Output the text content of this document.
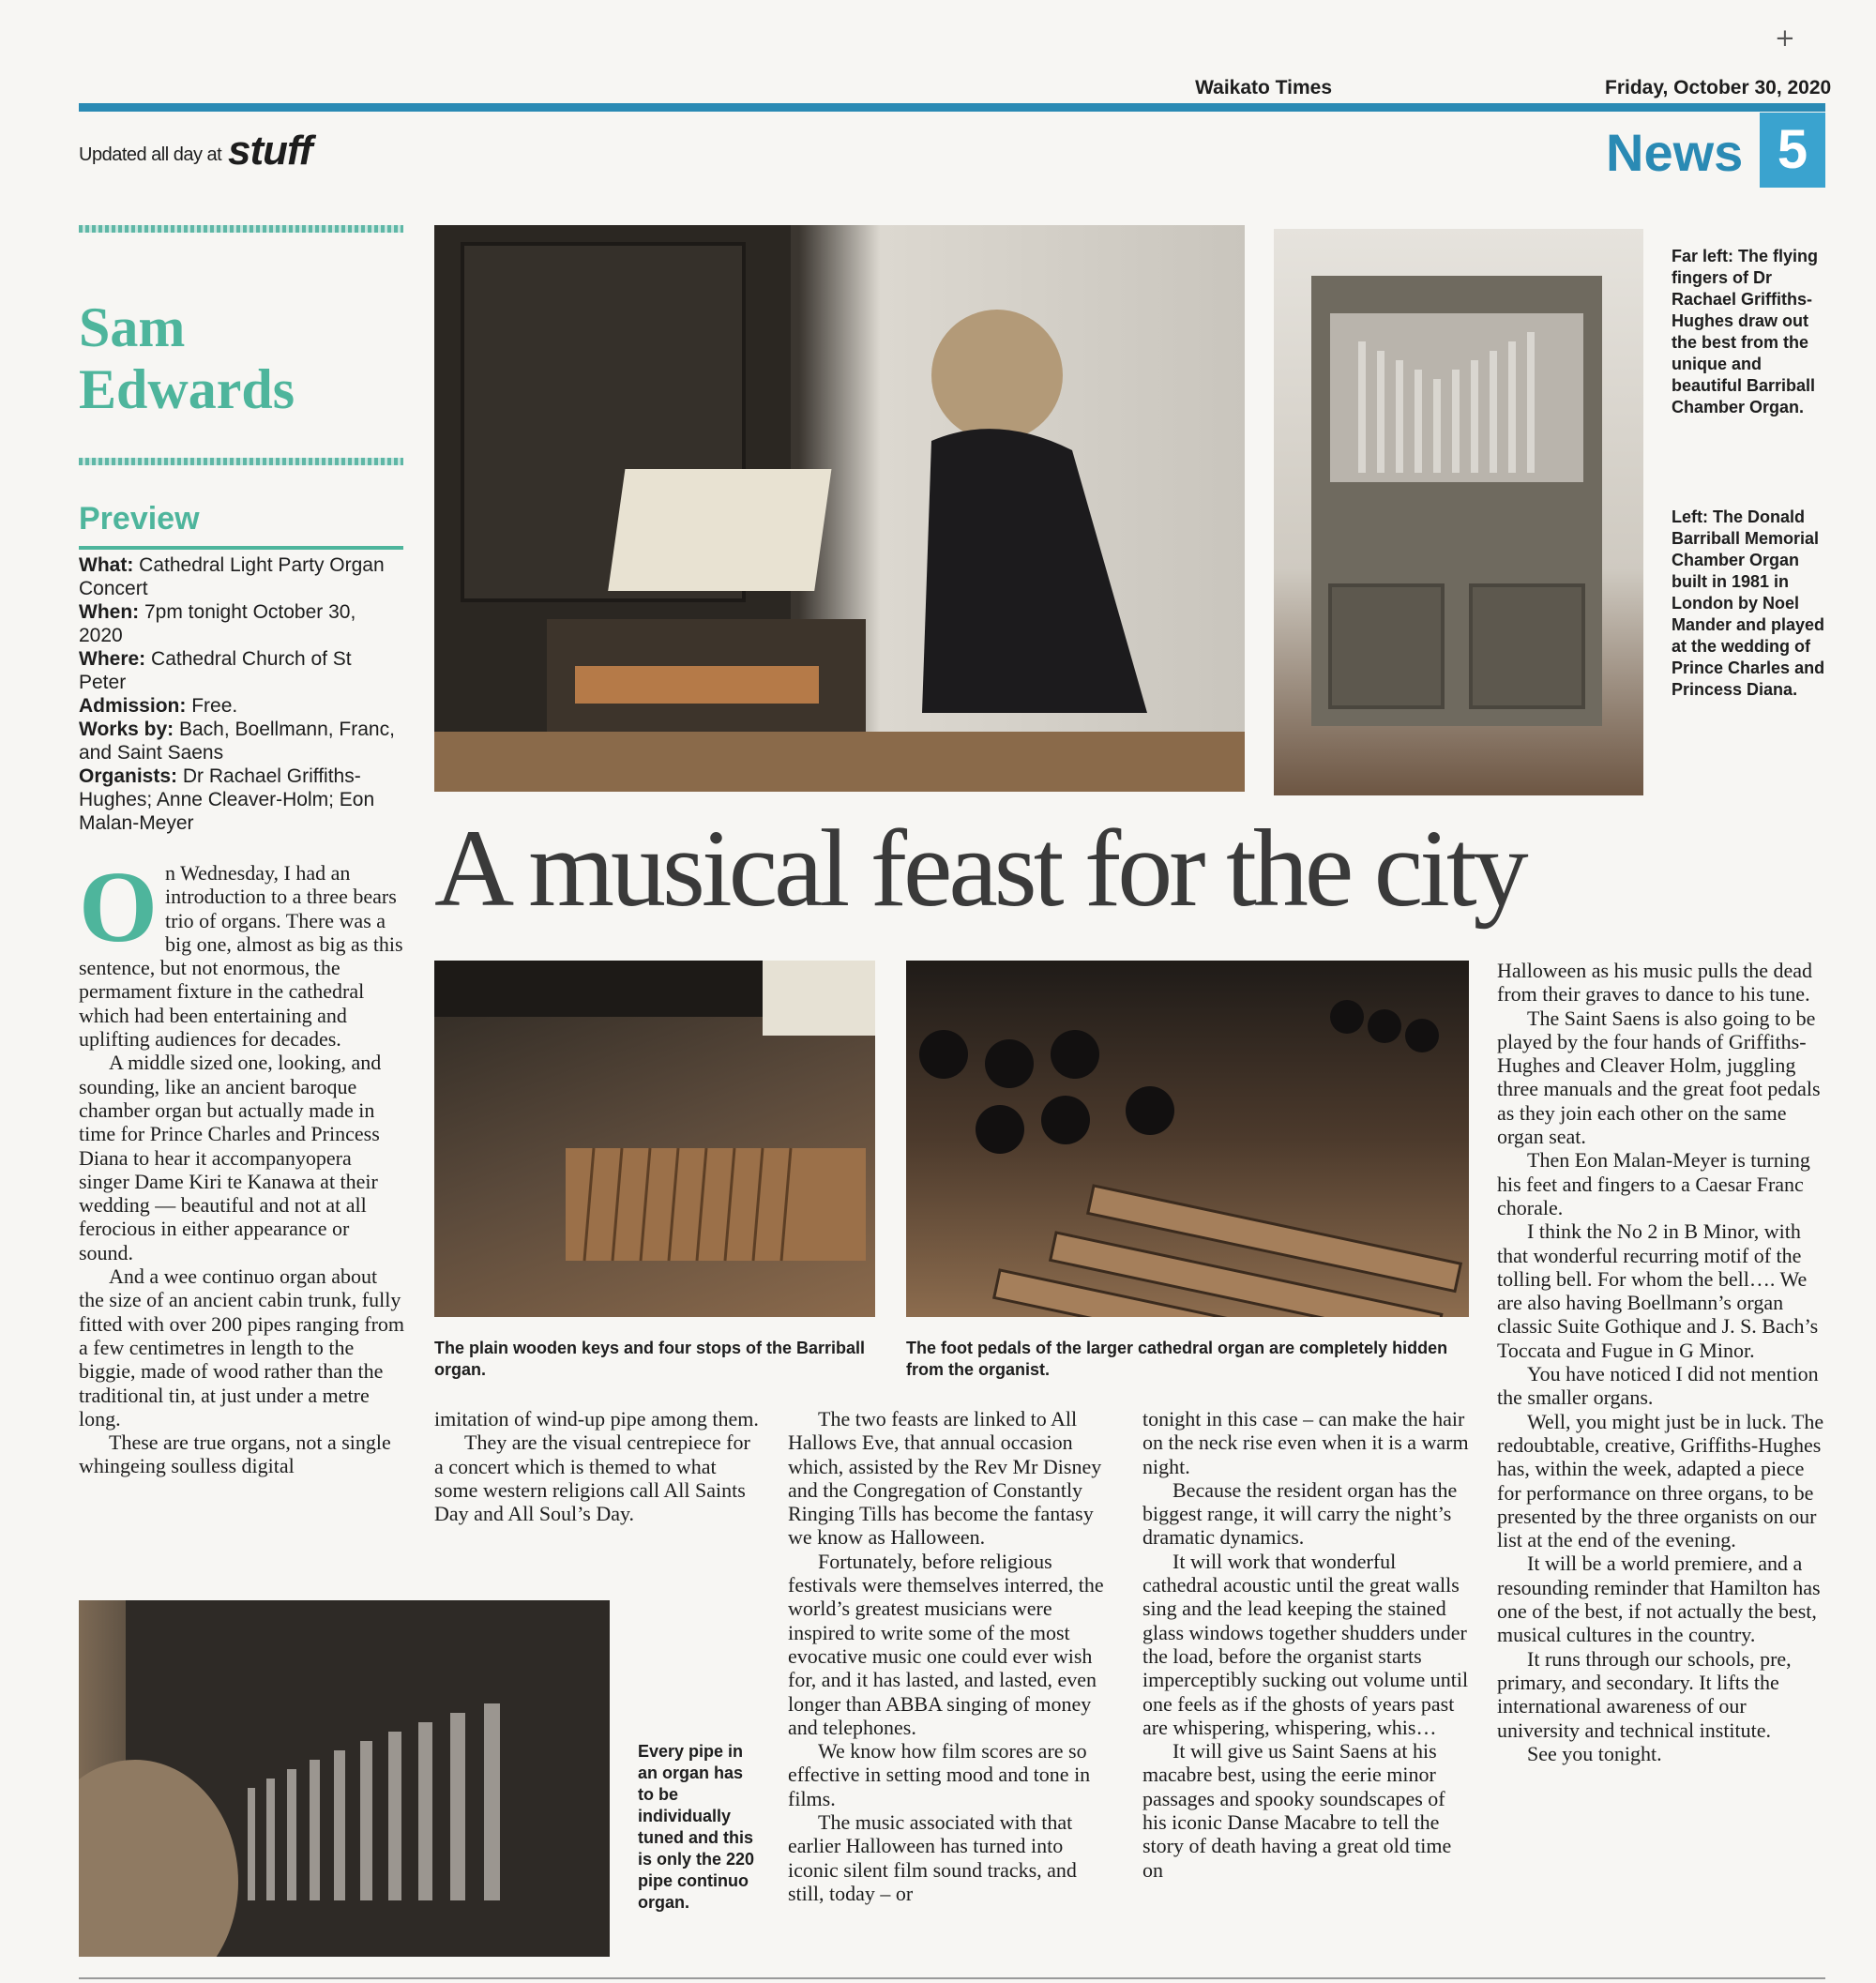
+
Waikato Times	Friday, October 30, 2020
Updated all day at stuff	News 5
Sam Edwards
Preview
What: Cathedral Light Party Organ Concert
When: 7pm tonight October 30, 2020
Where: Cathedral Church of St Peter
Admission: Free.
Works by: Bach, Boellmann, Franc, and Saint Saens
Organists: Dr Rachael Griffiths-Hughes; Anne Cleaver-Holm; Eon Malan-Meyer
O n Wednesday, I had an introduction to a three bears trio of organs. There was a big one, almost as big as this sentence, but not enormous, the permament fixture in the cathedral which had been entertaining and uplifting audiences for decades.

A middle sized one, looking, and sounding, like an ancient baroque chamber organ but actually made in time for Prince Charles and Princess Diana to hear it accompanyopera singer Dame Kiri te Kanawa at their wedding — beautiful and not at all ferocious in either appearance or sound.

And a wee continuo organ about the size of an ancient cabin trunk, fully fitted with over 200 pipes ranging from a few centimetres in length to the biggie, made of wood rather than the traditional tin, at just under a metre long.

These are true organs, not a single whingeing soulless digital

A musical feast for the city
Far left: The flying fingers of Dr Rachael Griffiths-Hughes draw out the best from the unique and beautiful Barriball Chamber Organ.
Left: The Donald Barriball Memorial Chamber Organ built in 1981 in London by Noel Mander and played at the wedding of Prince Charles and Princess Diana.
The plain wooden keys and four stops of the Barriball organ.
The foot pedals of the larger cathedral organ are completely hidden from the organist.

imitation of wind-up pipe among them.

They are the visual centrepiece for a concert which is themed to what some western religions call All Saints Day and All Soul’s Day.

The two feasts are linked to All Hallows Eve, that annual occasion which, assisted by the Rev Mr Disney and the Congregation of Constantly Ringing Tills has become the fantasy we know as Halloween.

Fortunately, before religious festivals were themselves interred, the world’s greatest musicians were inspired to write some of the most evocative music one could ever wish for, and it has lasted, and lasted, even longer than ABBA singing of money and telephones.

We know how film scores are so effective in setting mood and tone in films.

The music associated with that earlier Halloween has turned into iconic silent film sound tracks, and still, today – or

tonight in this case – can make the hair on the neck rise even when it is a warm night.

Because the resident organ has the biggest range, it will carry the night’s dramatic dynamics.

It will work that wonderful cathedral acoustic until the great walls sing and the lead keeping the stained glass windows together shudders under the load, before the organist starts imperceptibly sucking out volume until one feels as if the ghosts of years past are whispering, whispering, whis…

It will give us Saint Saens at his macabre best, using the eerie minor passages and spooky soundscapes of his iconic Danse Macabre to tell the story of death having a great old time on

Halloween as his music pulls the dead from their graves to dance to his tune.

The Saint Saens is also going to be played by the four hands of Griffiths-Hughes and Cleaver Holm, juggling three manuals and the great foot pedals as they join each other on the same organ seat.

Then Eon Malan-Meyer is turning his feet and fingers to a Caesar Franc chorale.

I think the No 2 in B Minor, with that wonderful recurring motif of the tolling bell. For whom the bell…. We are also having Boellmann’s organ classic Suite Gothique and J. S. Bach’s Toccata and Fugue in G Minor.

You have noticed I did not mention the smaller organs.

Well, you might just be in luck. The redoubtable, creative, Griffiths-Hughes has, within the week, adapted a piece for performance on three organs, to be presented by the three organists on our list at the end of the evening.

It will be a world premiere, and a resounding reminder that Hamilton has one of the best, if not actually the best, musical cultures in the country.

It runs through our schools, pre, primary, and secondary. It lifts the international awareness of our university and technical institute.

See you tonight.

Every pipe in an organ has to be individually tuned and this is only the 220 pipe continuo organ.
